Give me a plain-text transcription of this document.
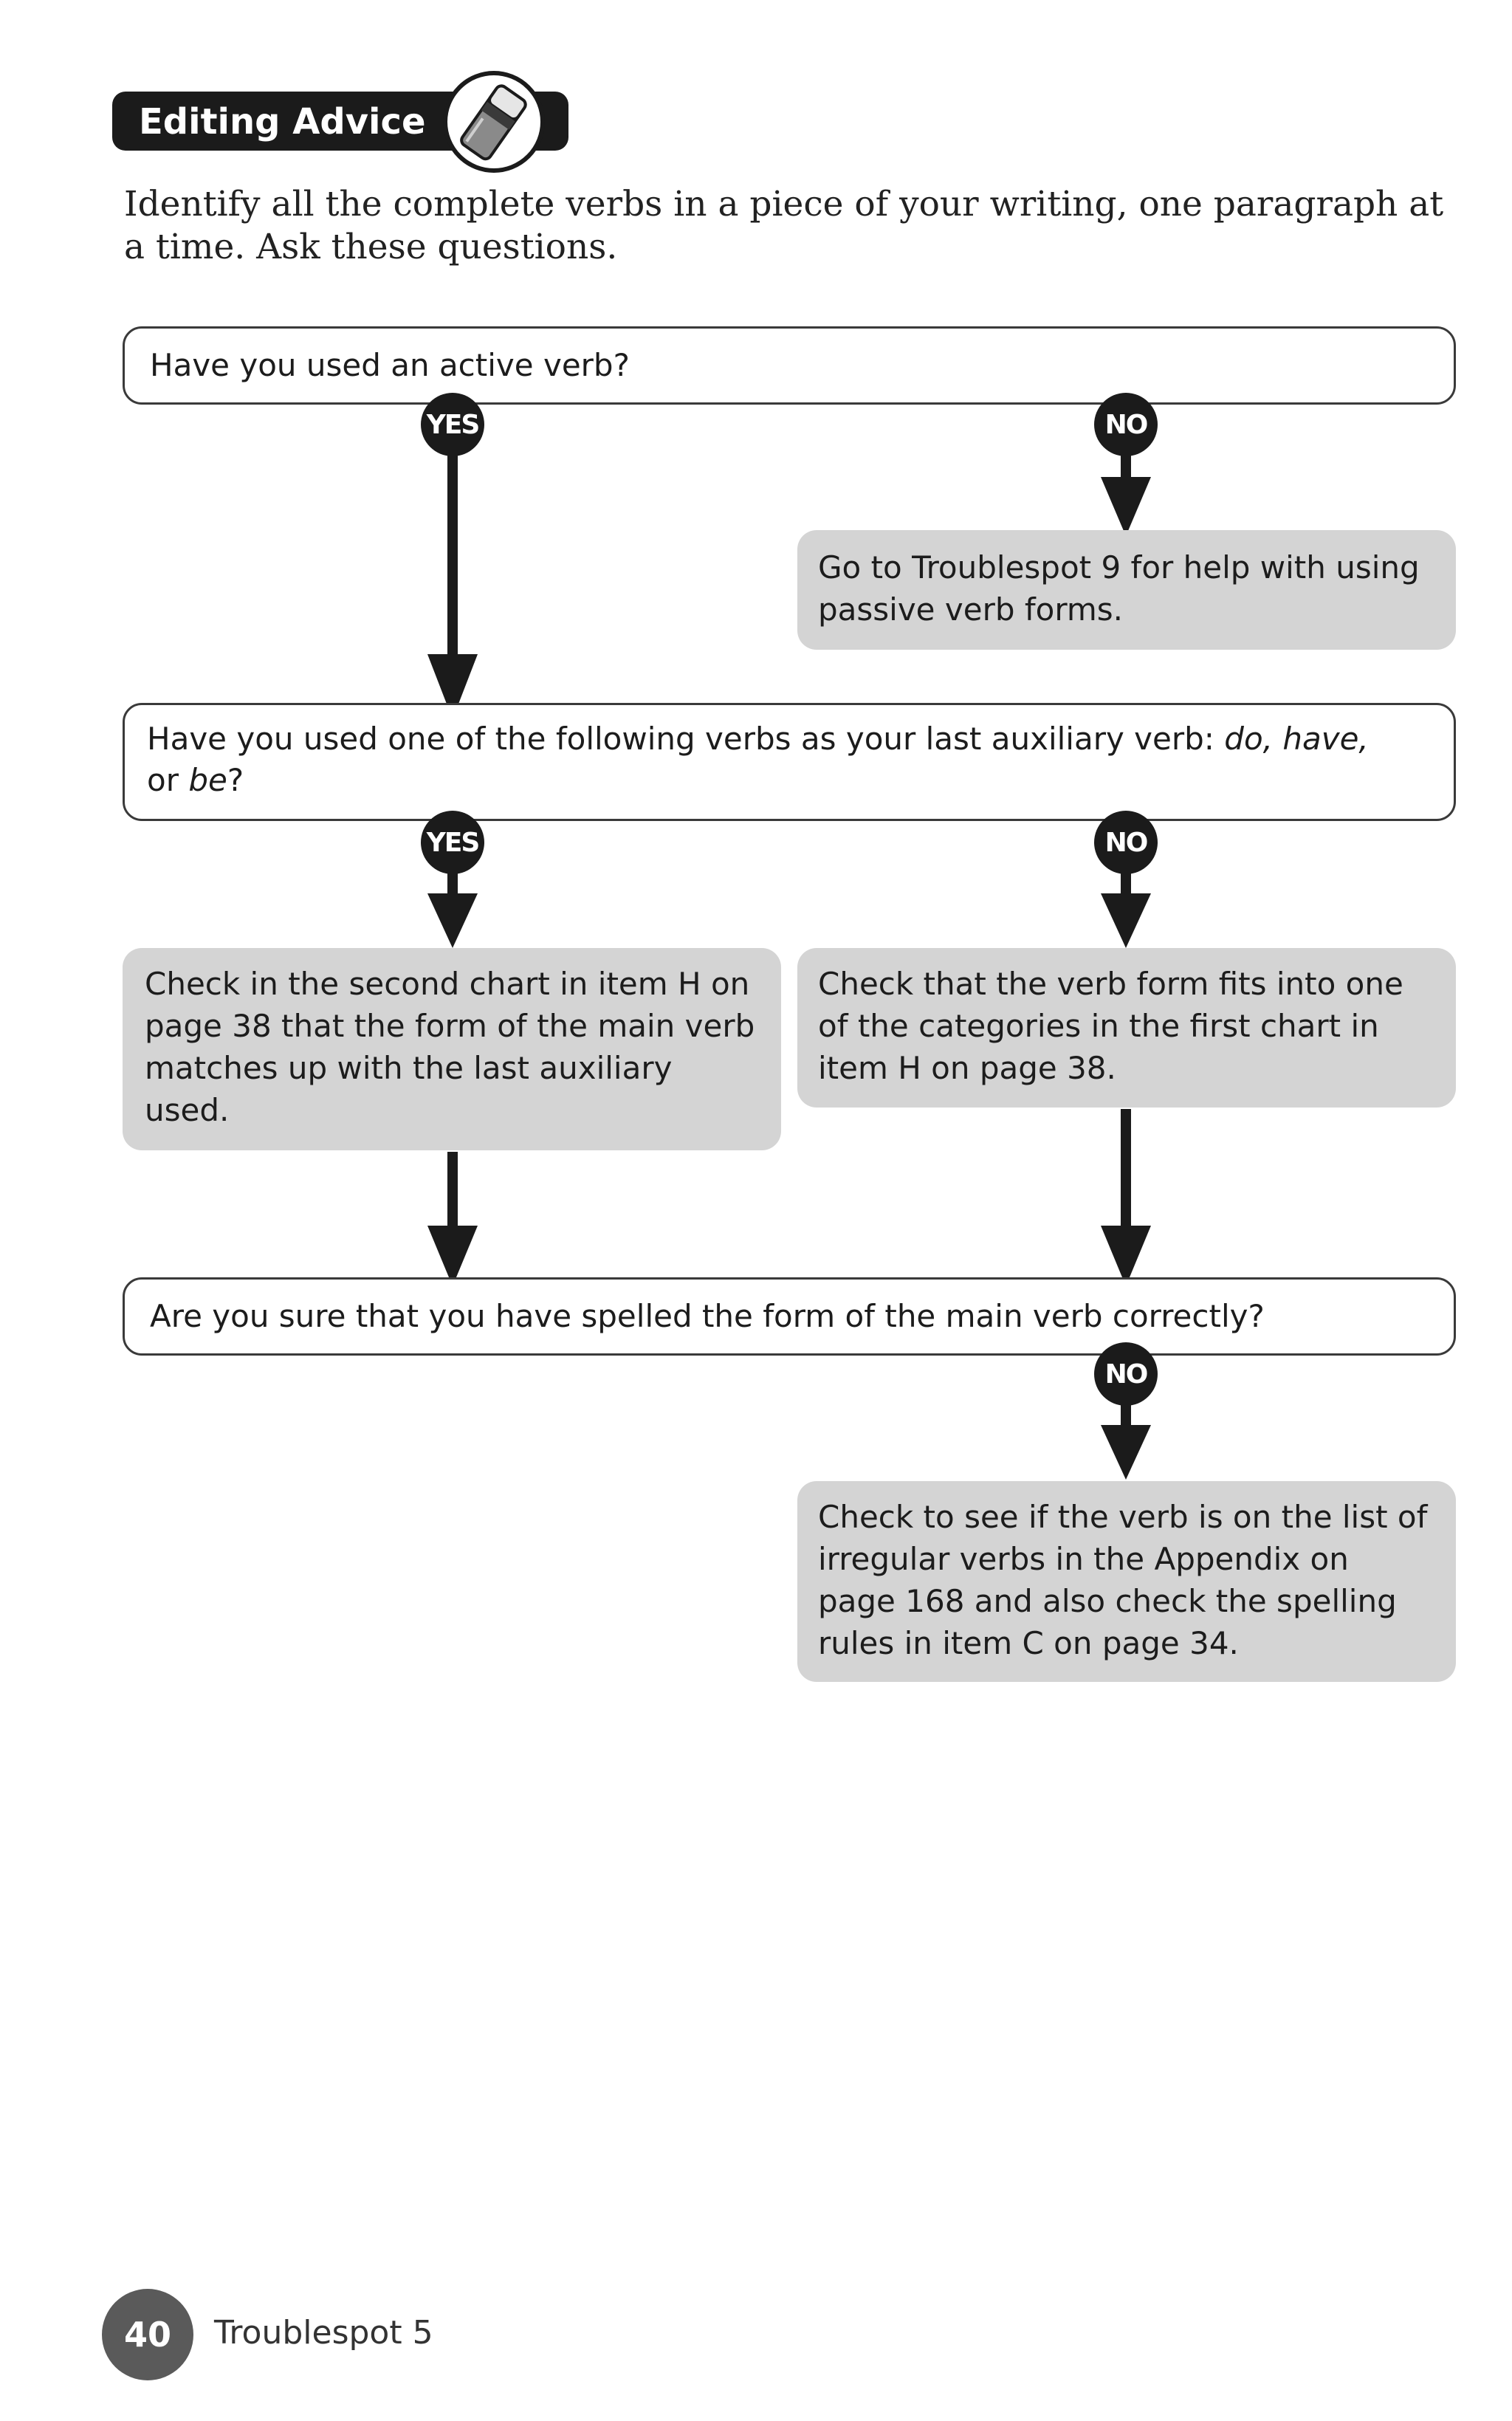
Editing Advice
Identify all the complete verbs in a piece of your writing, one paragraph at a time. Ask these questions.
Have you used an active verb?
YES	NO
Go to Troublespot 9 for help with using passive verb forms.
Have you used one of the following verbs as your last auxiliary verb: do, have,
or be?
YES	NO
Check in the second chart in item H on page 38 that the form of the main verb matches up with the last auxiliary used.
Check that the verb form fits into one of the categories in the first chart in item H on page 38.
Are you sure that you have spelled the form of the main verb correctly?
NO
Check to see if the verb is on the list of irregular verbs in the Appendix on page 168 and also check the spelling rules in item C on page 34.
40	Troublespot 5
